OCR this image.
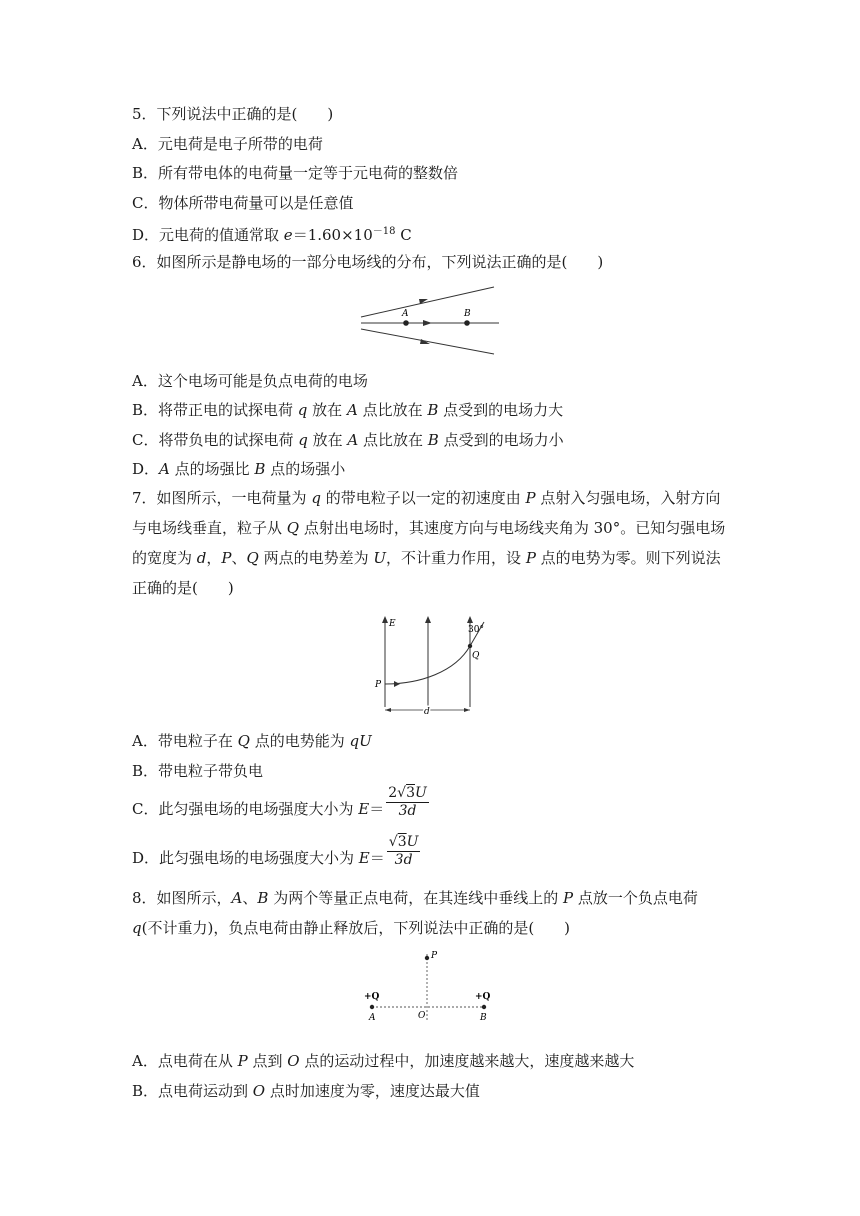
5．下列说法中正确的是(　　)
A．元电荷是电子所带的电荷
B．所有带电体的电荷量一定等于元电荷的整数倍
C．物体所带电荷量可以是任意值
D．元电荷的值通常取 $e=1.60\times 10^{-18}$ C
6．如图所示是静电场的一部分电场线的分布，下列说法正确的是(　　)
A	B
A．这个电场可能是负点电荷的电场
B．将带正电的试探电荷 q 放在 A 点比放在 B 点受到的电场力大
C．将带负电的试探电荷 q 放在 A 点比放在 B 点受到的电场力小
D．A 点的场强比 B 点的场强小
7．如图所示，一电荷量为 q 的带电粒子以一定的初速度由 P 点射入匀强电场，入射方向与电场线垂直，粒子从 Q 点射出电场时，其速度方向与电场线夹角为 30°。已知匀强电场的宽度为 d，P、Q 两点的电势差为 U，不计重力作用，设 P 点的电势为零。则下列说法正确的是(　　)
E
30°
Q
P
d
A．带电粒子在 Q 点的电势能为 qU
B．带电粒子带负电
C．此匀强电场的电场强度大小为 $E= \frac{2√3U}{3d}$
D．此匀强电场的电场强度大小为 $E= \frac{√3U}{3d}$
8．如图所示，A、B 为两个等量正点电荷，在其连线中垂线上的 P 点放一个负点电荷 q(不计重力)，负点电荷由静止释放后，下列说法中正确的是(　　)
P
+Q	+Q
A	O	B
A．点电荷在从 P 点到 O 点的运动过程中，加速度越来越大，速度越来越大
B．点电荷运动到 O 点时加速度为零，速度达最大值
